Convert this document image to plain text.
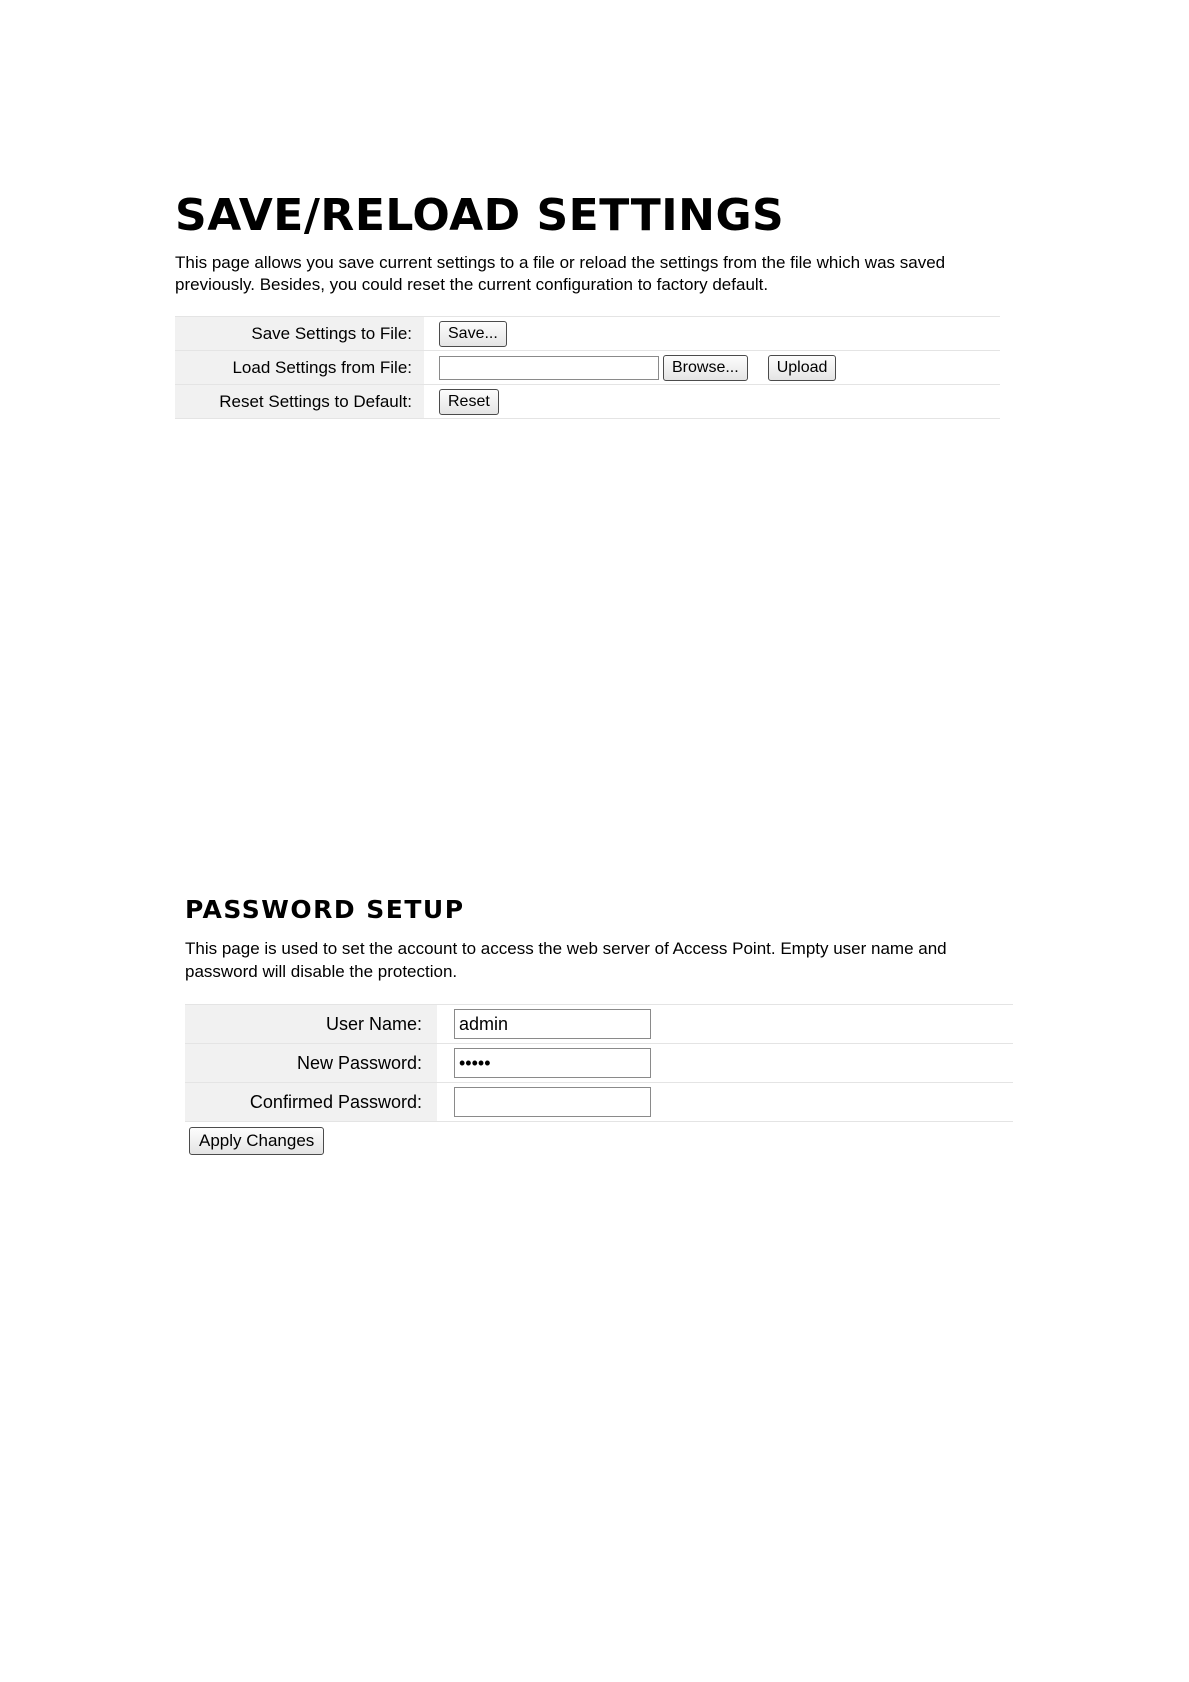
SAVE/RELOAD SETTINGS

This page allows you save current settings to a file or reload the settings from the file which was saved previously. Besides, you could reset the current configuration to factory default.

Save Settings to File:	Save...
Load Settings from File:	Browse... Upload
Reset Settings to Default:	Reset
PASSWORD SETUP

This page is used to set the account to access the web server of Access Point. Empty user name and password will disable the protection.

User Name:	admin
New Password:	•••••
Confirmed Password:	
Apply Changes
